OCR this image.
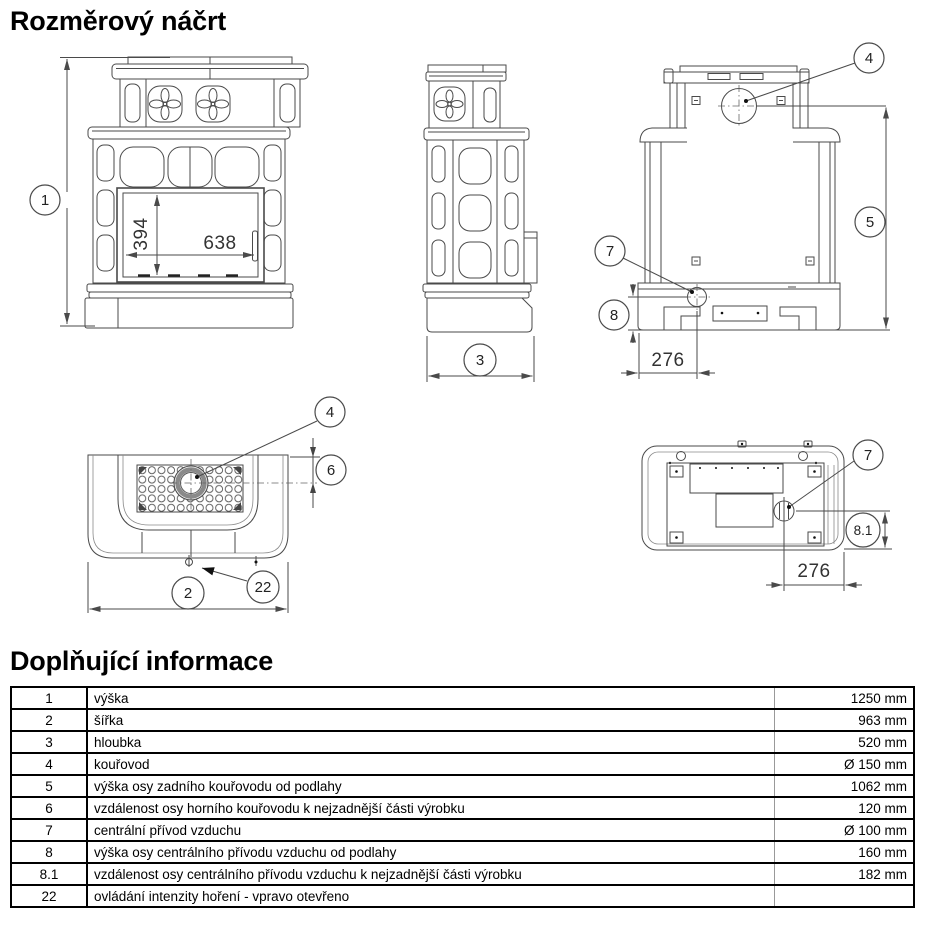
Rozměrový náčrt
394	638
1
3	276
4
5
7
8
4
6
2	22
276
7
8.1
Doplňující informace
1	výška	1250 mm
2	šířka	963 mm
3	hloubka	520 mm
4	kouřovod	Ø 150 mm
5	výška osy zadního kouřovodu od podlahy	1062 mm
6	vzdálenost osy horního kouřovodu k nejzadnější části výrobku	120 mm
7	centrální přívod vzduchu	Ø 100 mm
8	výška osy centrálního přívodu vzduchu od podlahy	160 mm
8.1	vzdálenost osy centrálního přívodu vzduchu k nejzadnější části výrobku	182 mm
22	ovládání intenzity hoření - vpravo otevřeno	
